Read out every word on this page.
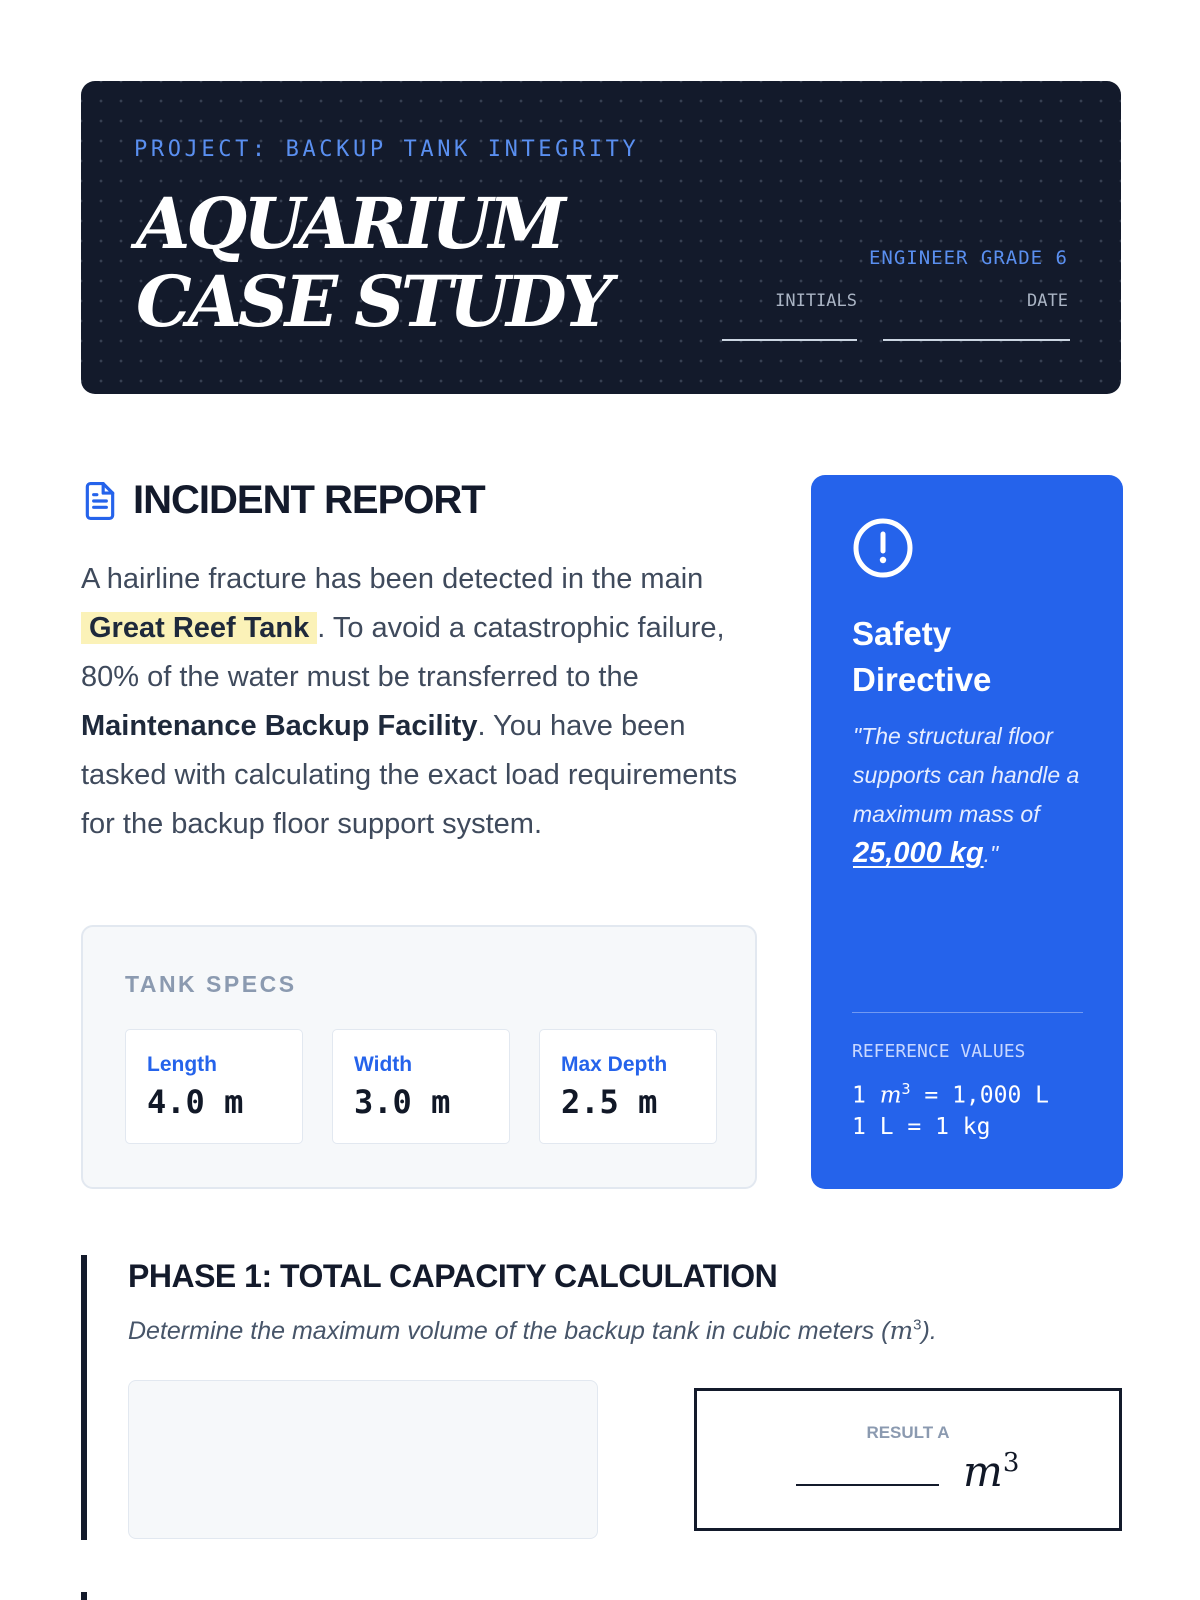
PROJECT: BACKUP TANK INTEGRITY
AQUARIUM
CASE STUDY
ENGINEER GRADE 6
INITIALS	DATE
INCIDENT REPORT
A hairline fracture has been detected in the main Great Reef Tank . To avoid a catastrophic failure, 80% of the water must be transferred to the Maintenance Backup Facility. You have been tasked with calculating the exact load requirements for the backup floor support system.
TANK SPECS
Length
4.0 m
Width
3.0 m
Max Depth
2.5 m
Safety Directive
"The structural floor supports can handle a maximum mass of 25,000 kg."
REFERENCE VALUES
1 $m^3 = 1,000$ L
1 L = 1 kg
PHASE 1: TOTAL CAPACITY CALCULATION
Determine the maximum volume of the backup tank in cubic meters $(m^3)$.
RESULT A
$m^3$
